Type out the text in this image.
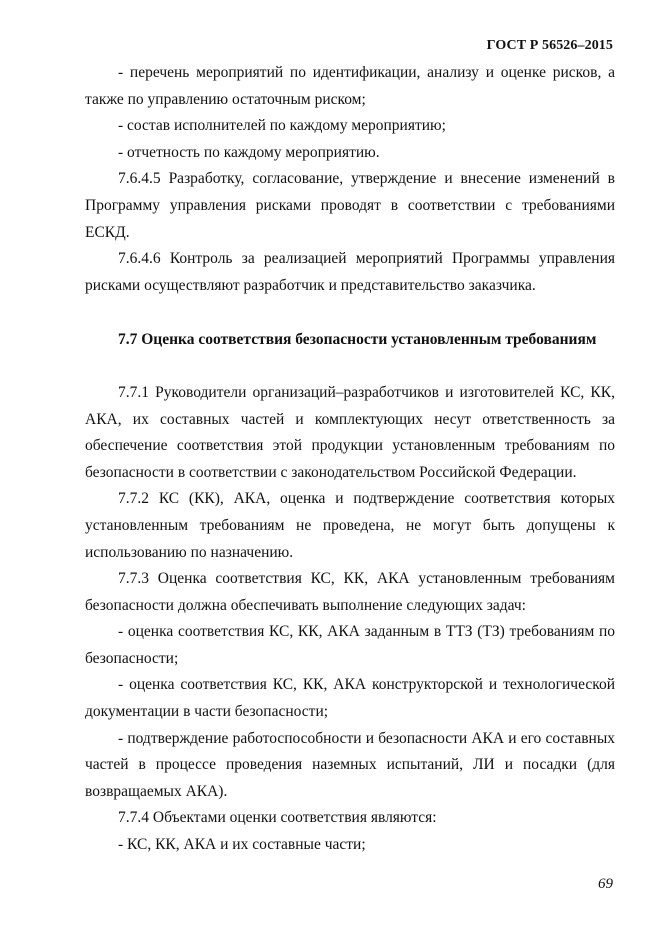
ГОСТ Р 56526–2015

- перечень мероприятий по идентификации, анализу и оценке рисков, а также по управлению остаточным риском;

- состав исполнителей по каждому мероприятию;

- отчетность по каждому мероприятию.

7.6.4.5 Разработку, согласование, утверждение и внесение изменений в Программу управления рисками проводят в соответствии с требованиями ЕСКД.

7.6.4.6 Контроль за реализацией мероприятий Программы управления рисками осуществляют разработчик и представительство заказчика.

7.7 Оценка соответствия безопасности установленным требованиям

7.7.1 Руководители организаций–разработчиков и изготовителей КС, КК, АКА, их составных частей и комплектующих несут ответственность за обеспечение соответствия этой продукции установленным требованиям по безопасности в соответствии с законодательством Российской Федерации.

7.7.2 КС (КК), АКА, оценка и подтверждение соответствия которых установленным требованиям не проведена, не могут быть допущены к использованию по назначению.

7.7.3 Оценка соответствия КС, КК, АКА установленным требованиям безопасности должна обеспечивать выполнение следующих задач:

- оценка соответствия КС, КК, АКА заданным в ТТЗ (ТЗ) требованиям по безопасности;

- оценка соответствия КС, КК, АКА конструкторской и технологической документации в части безопасности;

- подтверждение работоспособности и безопасности АКА и его составных частей в процессе проведения наземных испытаний, ЛИ и посадки (для возвращаемых АКА).

7.7.4 Объектами оценки соответствия являются:

- КС, КК, АКА и их составные части;

69
